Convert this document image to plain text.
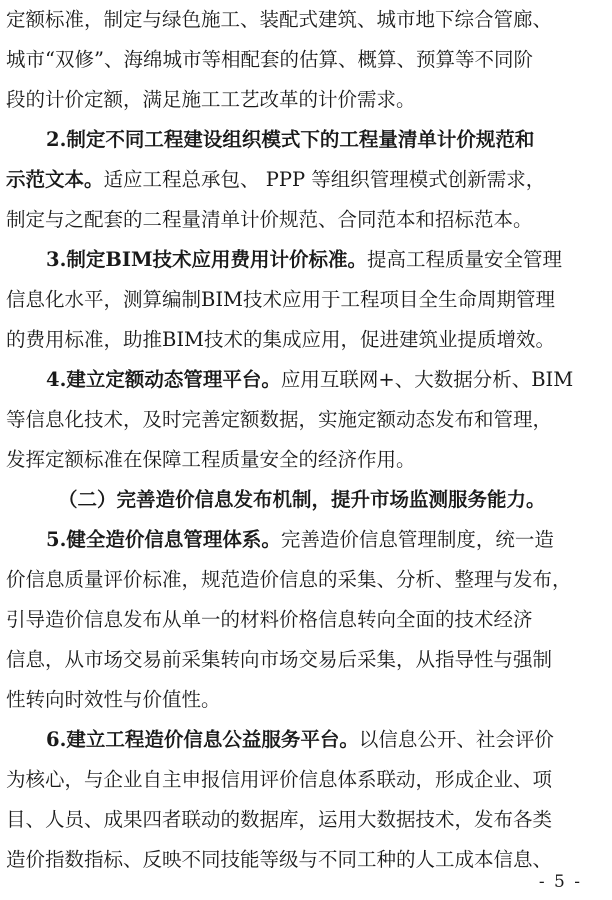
定额标准，制定与绿色施工、装配式建筑、城市地下综合管廊、
城市“双修”、海绵城市等相配套的估算、概算、预算等不同阶
段的计价定额，满足施工工艺改革的计价需求。
2.制定不同工程建设组织模式下的工程量清单计价规范和
示范文本。适应工程总承包、 PPP 等组织管理模式创新需求，
制定与之配套的二程量清单计价规范、合同范本和招标范本。
3.制定BIM技术应用费用计价标准。提高工程质量安全管理
信息化水平，测算编制BIM技术应用于工程项目全生命周期管理
的费用标准，助推BIM技术的集成应用，促进建筑业提质增效。
4.建立定额动态管理平台。应用互联网+、大数据分析、BIM
等信息化技术，及时完善定额数据，实施定额动态发布和管理，
发挥定额标准在保障工程质量安全的经济作用。
（二）完善造价信息发布机制，提升市场监测服务能力。
5.健全造价信息管理体系。完善造价信息管理制度，统一造
价信息质量评价标准，规范造价信息的采集、分析、整理与发布，
引导造价信息发布从单一的材料价格信息转向全面的技术经济
信息，从市场交易前采集转向市场交易后采集，从指导性与强制
性转向时效性与价值性。
6.建立工程造价信息公益服务平台。以信息公开、社会评价
为核心，与企业自主申报信用评价信息体系联动，形成企业、项
目、人员、成果四者联动的数据库，运用大数据技术，发布各类
造价指数指标、反映不同技能等级与不同工种的人工成本信息、
- 5 -
